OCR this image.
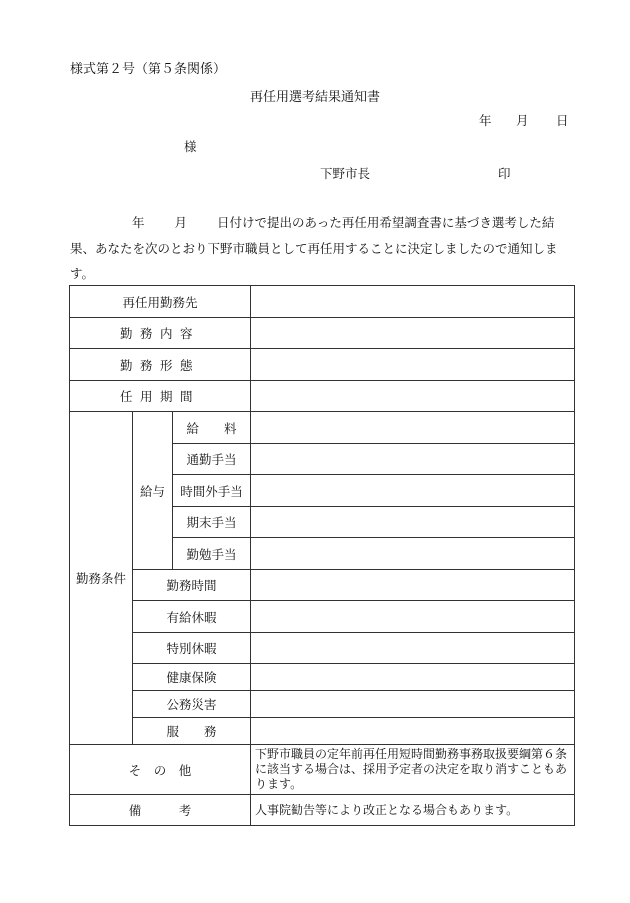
様式第２号（第５条関係）
再任用選考結果通知書
年 月 日
様
下野市長	印
年 月 日付けで提出のあった再任用希望調査書に基づき選考した結果、あなたを次のとおり下野市職員として再任用することに決定しましたので通知します。
再任用勤務先			
勤務内容			
勤務形態			
任用期間			
勤務条件	給与	給　　料	
		通勤手当	
		時間外手当	
		期末手当	
		勤勉手当	
	勤務時間		
	有給休暇		
	特別休暇		
	健康保険		
	公務災害		
	服　　務		
そ　の　他			下野市職員の定年前再任用短時間勤務事務取扱要綱第６条に該当する場合は、採用予定者の決定を取り消すこともあります。
備　　　考			人事院勧告等により改正となる場合もあります。
